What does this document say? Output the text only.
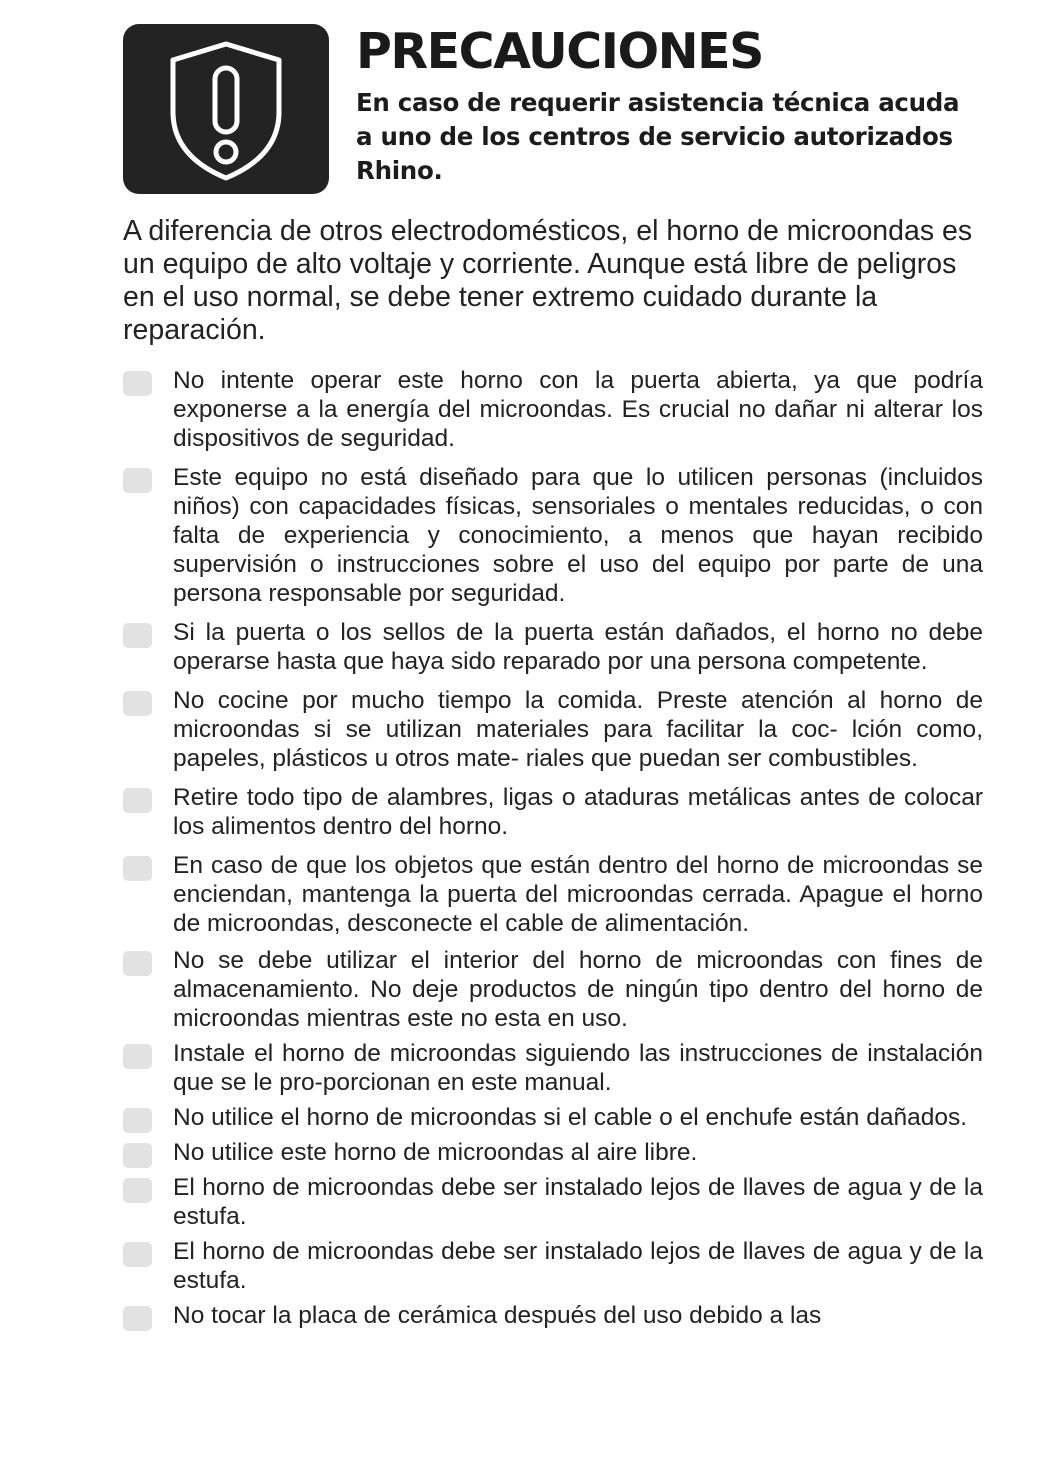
PRECAUCIONES

En caso de requerir asistencia técnica acuda a uno de los centros de servicio autorizados Rhino.

A diferencia de otros electrodomésticos, el horno de microondas es un equipo de alto voltaje y corriente. Aunque está libre de peligros en el uso normal, se debe tener extremo cuidado durante la reparación.

No intente operar este horno con la puerta abierta, ya que podría exponerse a la energía del microondas. Es crucial no dañar ni alterar los dispositivos de seguridad.
Este equipo no está diseñado para que lo utilicen personas (incluidos niños) con capacidades físicas, sensoriales o mentales reducidas, o con falta de experiencia y conocimiento, a menos que hayan recibido supervisión o instrucciones sobre el uso del equipo por parte de una persona responsable por seguridad.
Si la puerta o los sellos de la puerta están dañados, el horno no debe operarse hasta que haya sido reparado por una persona competente.
No cocine por mucho tiempo la comida. Preste atención al horno de microondas si se utilizan materiales para facilitar la coc- lción como, papeles, plásticos u otros mate- riales que puedan ser combustibles.
Retire todo tipo de alambres, ligas o ataduras metálicas antes de colocar los alimentos dentro del horno.
En caso de que los objetos que están dentro del horno de microondas se enciendan, mantenga la puerta del microondas cerrada. Apague el horno de microondas, desconecte el cable de alimentación.
No se debe utilizar el interior del horno de microondas con fines de almacenamiento. No deje productos de ningún tipo dentro del horno de microondas mientras este no esta en uso.
Instale el horno de microondas siguiendo las instrucciones de instalación que se le pro-porcionan en este manual.
No utilice el horno de microondas si el cable o el enchufe están dañados.
No utilice este horno de microondas al aire libre.
El horno de microondas debe ser instalado lejos de llaves de agua y de la estufa.
El horno de microondas debe ser instalado lejos de llaves de agua y de la estufa.
No tocar la placa de cerámica después del uso debido a las
